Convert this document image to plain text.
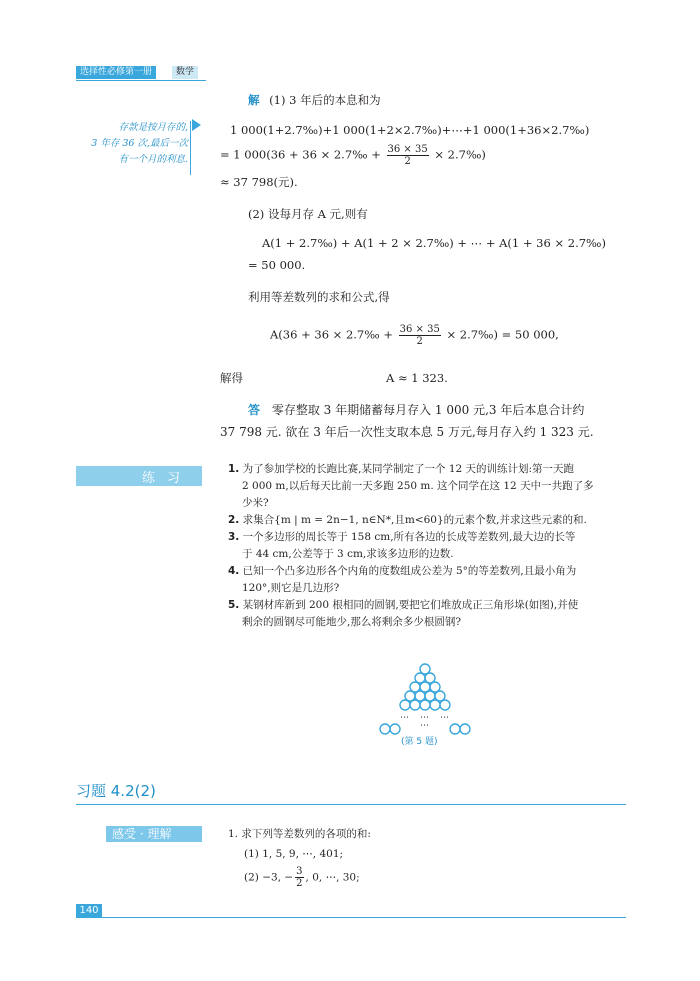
选择性必修第一册	数学
存款是按月存的,
3 年存 36 次,最后一次
有一个月的利息.
解 (1) 3 年后的本息和为
1 000(1+2.7‰)+1 000(1+2×2.7‰)+⋯+1 000(1+36×2.7‰)
= 1 000(36 + 36 × 2.7‰ + $\frac{36 \times 35}{2}$ × 2.7‰)
≈ 37 798(元).
(2) 设每月存 A 元,则有
A(1 + 2.7‰) + A(1 + 2 × 2.7‰) + ⋯ + A(1 + 36 × 2.7‰)
= 50 000.
利用等差数列的求和公式,得
A(36 + 36 × 2.7‰ + $\frac{36 \times 35}{2}$ × 2.7‰) = 50 000,
解得	A ≈ 1 323.
答 零存整取 3 年期储蓄每月存入 1 000 元,3 年后本息合计约
37 798 元. 欲在 3 年后一次性支取本息 5 万元,每月存入约 1 323 元.
练习
1. 为了参加学校的长跑比赛,某同学制定了一个 12 天的训练计划:第一天跑
2 000 m,以后每天比前一天多跑 250 m. 这个同学在这 12 天中一共跑了多
少米?
2. 求集合{m | m = 2n−1, n∈N*,且m<60}的元素个数,并求这些元素的和.
3. 一个多边形的周长等于 158 cm,所有各边的长成等差数列,最大边的长等
于 44 cm,公差等于 3 cm,求该多边形的边数.
4. 已知一个凸多边形各个内角的度数组成公差为 5°的等差数列,且最小角为
120°,则它是几边形?
5. 某钢材库新到 200 根相同的圆钢,要把它们堆放成正三角形垛(如图),并使
剩余的圆钢尽可能地少,那么将剩余多少根圆钢?
⋯ ⋯ ⋯
⋯
(第 5 题)
习题 4.2(2)
感受 · 理解	1. 求下列等差数列的各项的和:
(1) 1, 5, 9, ⋯, 401;
(2) −3, − $\frac{3}{2}$ , 0, ⋯, 30;
140
